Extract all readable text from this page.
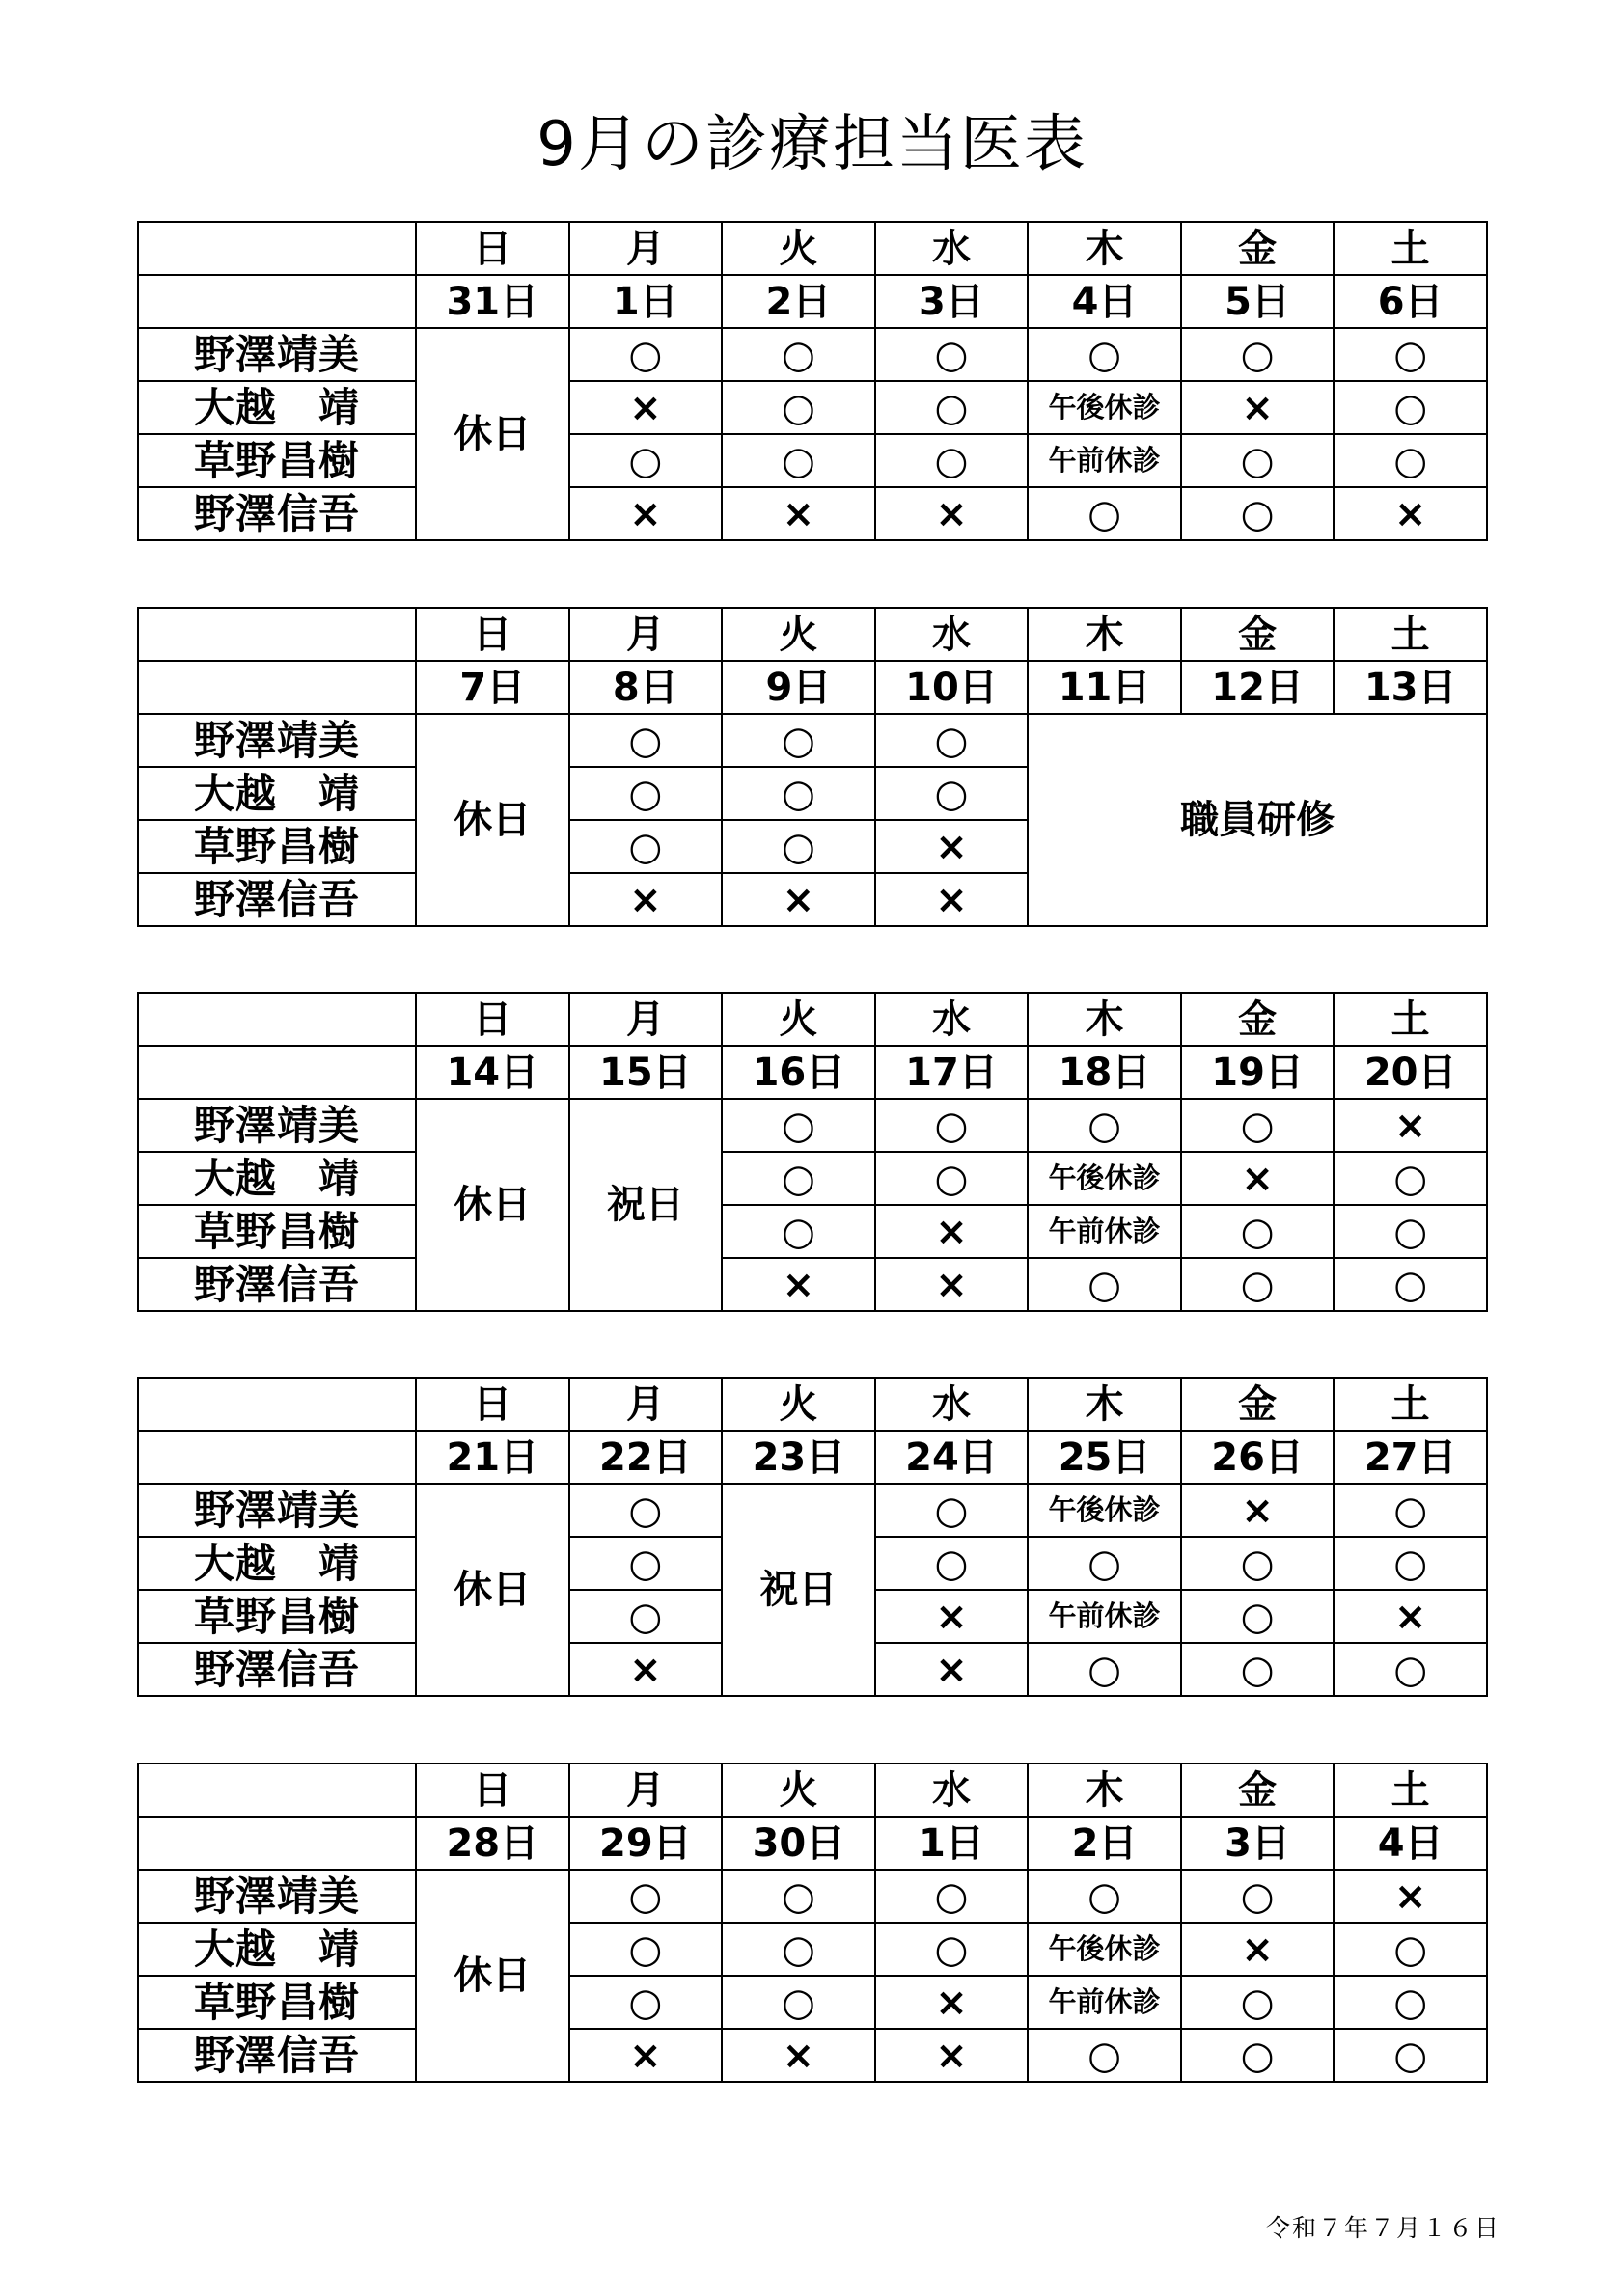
9月の診療担当医表
	日	月	火	水	木	金	土
	31日	1日	2日	3日	4日	5日	6日
野澤靖美	休日	○	○	○	○	○	○
大越　靖		×	○	○	午後休診	×	○
草野昌樹		○	○	○	午前休診	○	○
野澤信吾		×	×	×	○	○	×
	日	月	火	水	木	金	土
	7日	8日	9日	10日	11日	12日	13日
野澤靖美	休日	○	○	○	職員研修		
大越　靖		○	○	○			
草野昌樹		○	○	×			
野澤信吾		×	×	×			
	日	月	火	水	木	金	土
	14日	15日	16日	17日	18日	19日	20日
野澤靖美	休日	祝日	○	○	○	○	×
大越　靖			○	○	午後休診	×	○
草野昌樹			○	×	午前休診	○	○
野澤信吾			×	×	○	○	○
	日	月	火	水	木	金	土
	21日	22日	23日	24日	25日	26日	27日
野澤靖美	休日	○	祝日	○	午後休診	×	○
大越　靖		○		○	○	○	○
草野昌樹		○		×	午前休診	○	×
野澤信吾		×		×	○	○	○
	日	月	火	水	木	金	土
	28日	29日	30日	1日	2日	3日	4日
野澤靖美	休日	○	○	○	○	○	×
大越　靖		○	○	○	午後休診	×	○
草野昌樹		○	○	×	午前休診	○	○
野澤信吾		×	×	×	○	○	○
令和７年７月１６日
